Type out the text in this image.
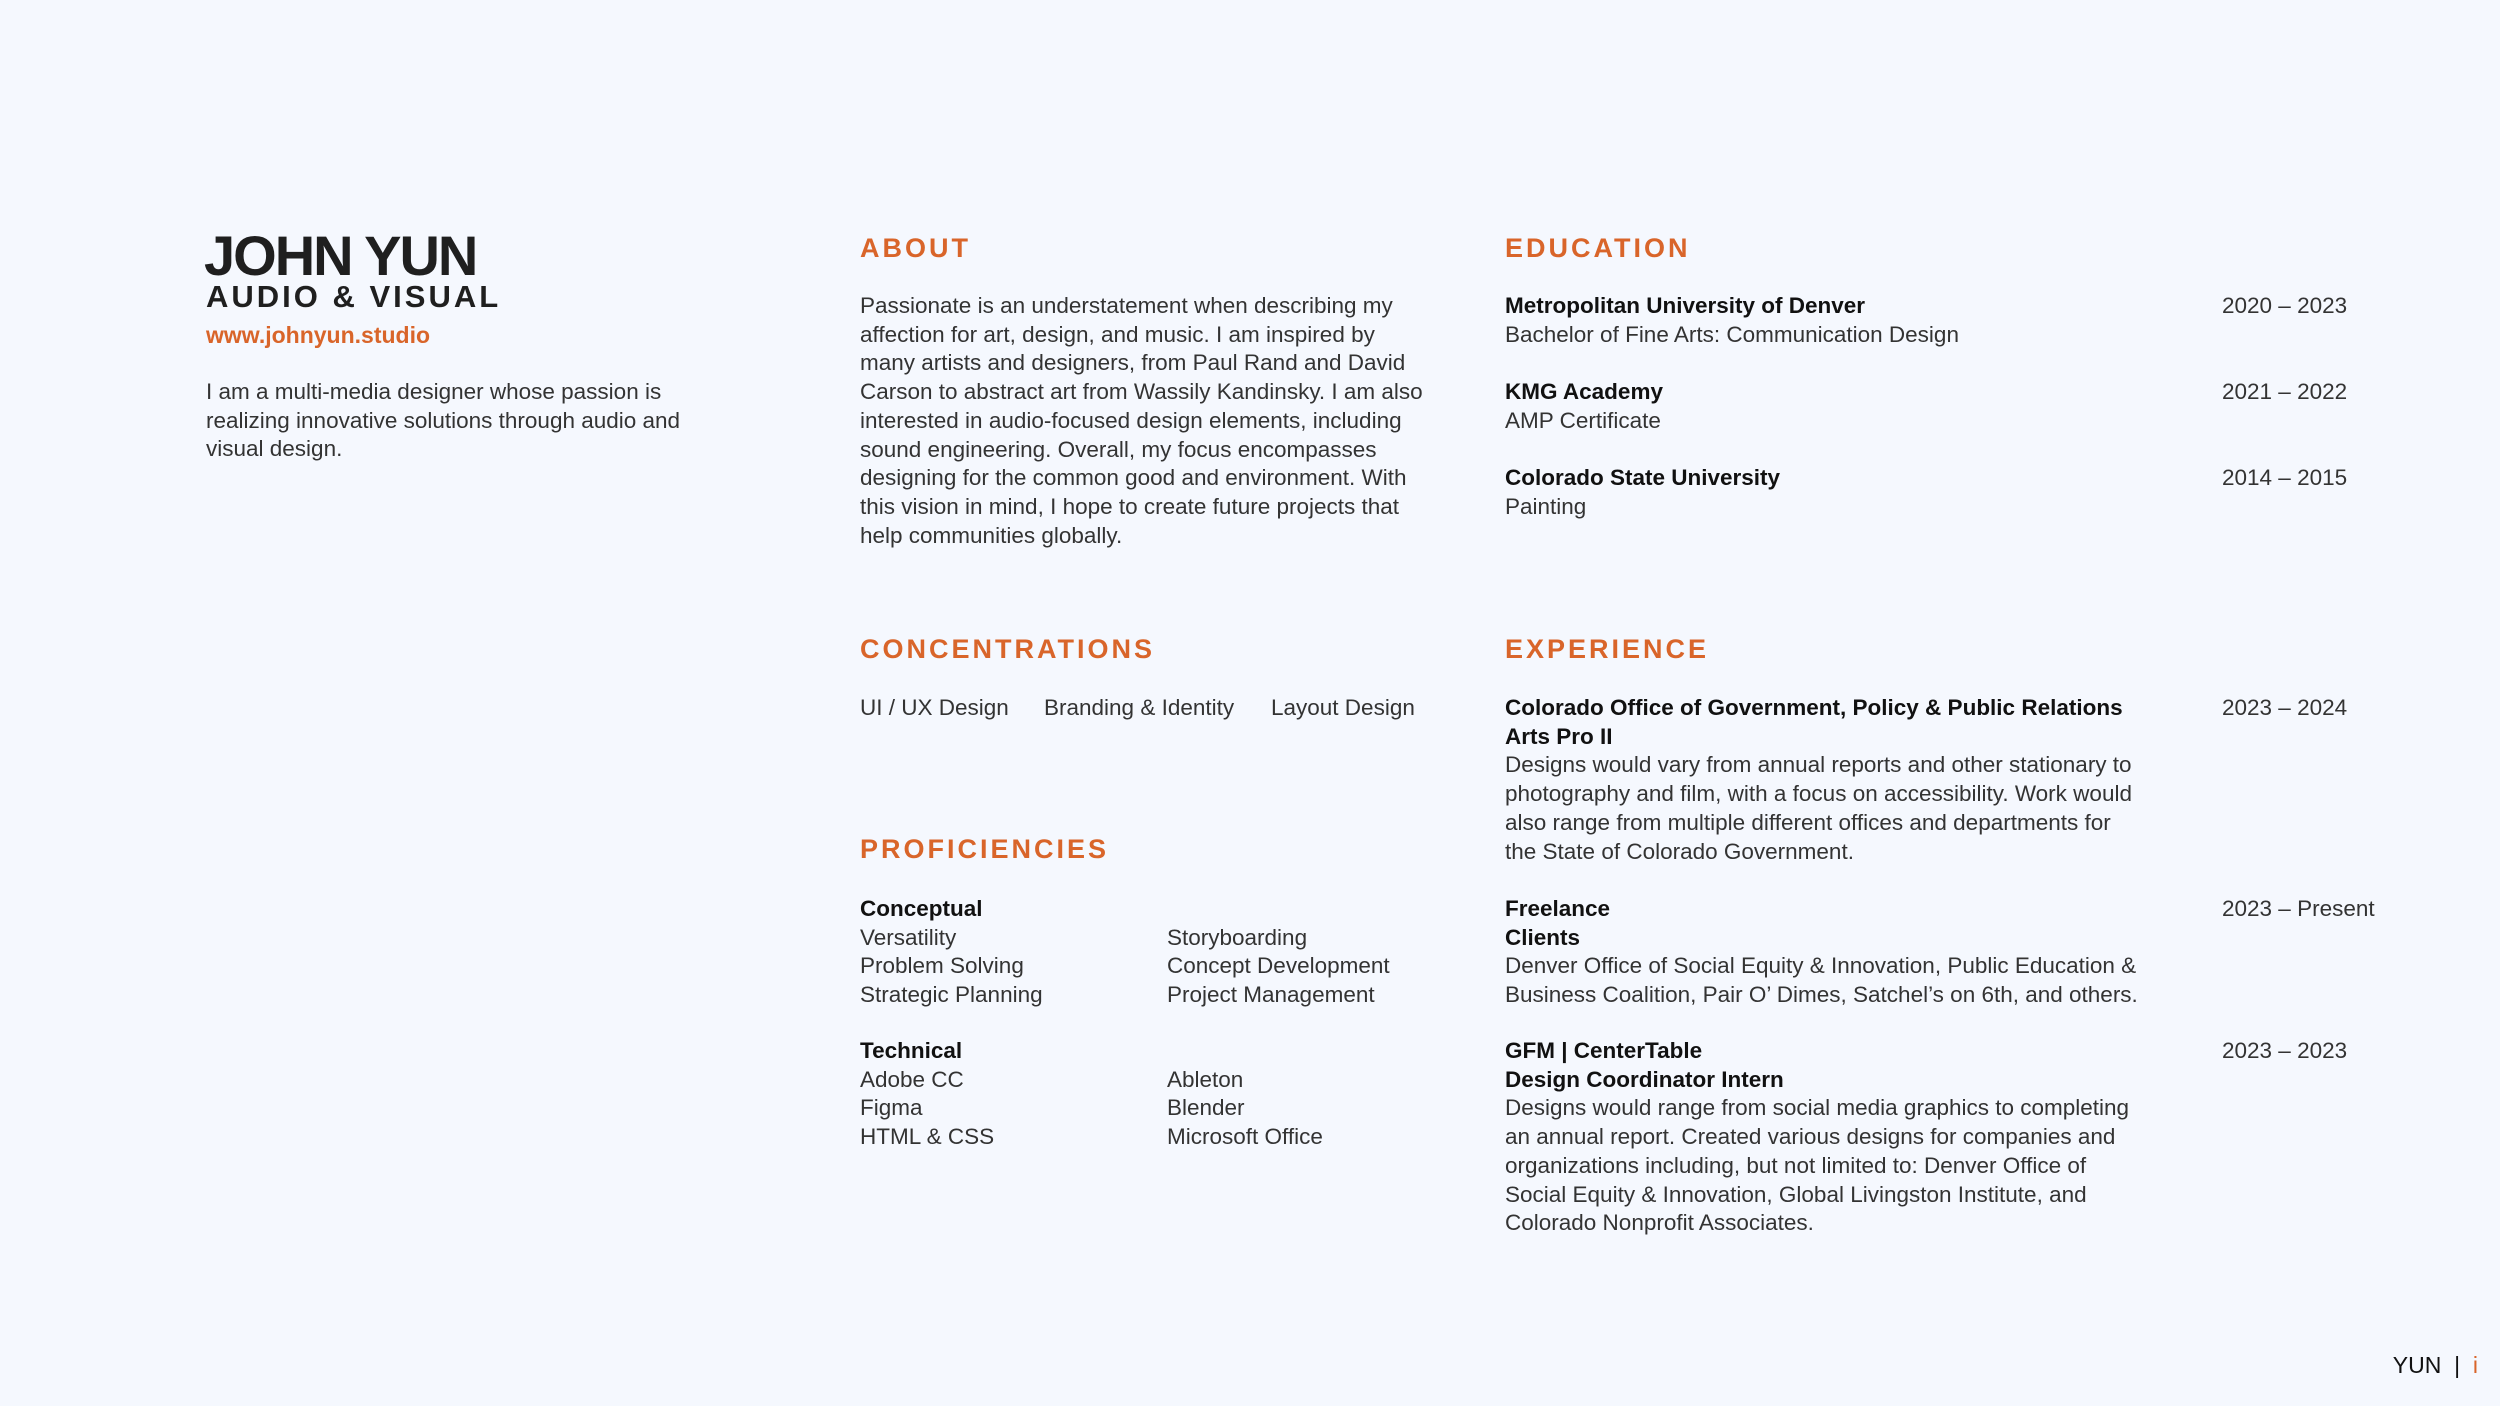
JOHN YUN
AUDIO & VISUAL
www.johnyun.studio
I am a multi-media designer whose passion is
realizing innovative solutions through audio and
visual design.
ABOUT
Passionate is an understatement when describing my
affection for art, design, and music. I am inspired by
many artists and designers, from Paul Rand and David
Carson to abstract art from Wassily Kandinsky. I am also
interested in audio-focused design elements, including
sound engineering. Overall, my focus encompasses
designing for the common good and environment. With
this vision in mind, I hope to create future projects that
help communities globally.
CONCENTRATIONS
UI / UX Design Branding & Identity Layout Design
PROFICIENCIES
Conceptual
Versatility
Problem Solving
Strategic Planning
Storyboarding
Concept Development
Project Management
Technical
Adobe CC
Figma
HTML & CSS
Ableton
Blender
Microsoft Office
EDUCATION
Metropolitan University of Denver
Bachelor of Fine Arts: Communication Design
2020 – 2023
KMG Academy
AMP Certificate
2021 – 2022
Colorado State University
Painting
2014 – 2015
EXPERIENCE
Colorado Office of Government, Policy & Public Relations
Arts Pro II
Designs would vary from annual reports and other stationary to
photography and film, with a focus on accessibility. Work would
also range from multiple different offices and departments for
the State of Colorado Government.
2023 – 2024
Freelance
Clients
Denver Office of Social Equity & Innovation, Public Education &
Business Coalition, Pair O’ Dimes, Satchel’s on 6th, and others.
2023 – Present
GFM | CenterTable
Design Coordinator Intern
Designs would range from social media graphics to completing
an annual report. Created various designs for companies and
organizations including, but not limited to: Denver Office of
Social Equity & Innovation, Global Livingston Institute, and
Colorado Nonprofit Associates.
2023 – 2023
YUN | i
